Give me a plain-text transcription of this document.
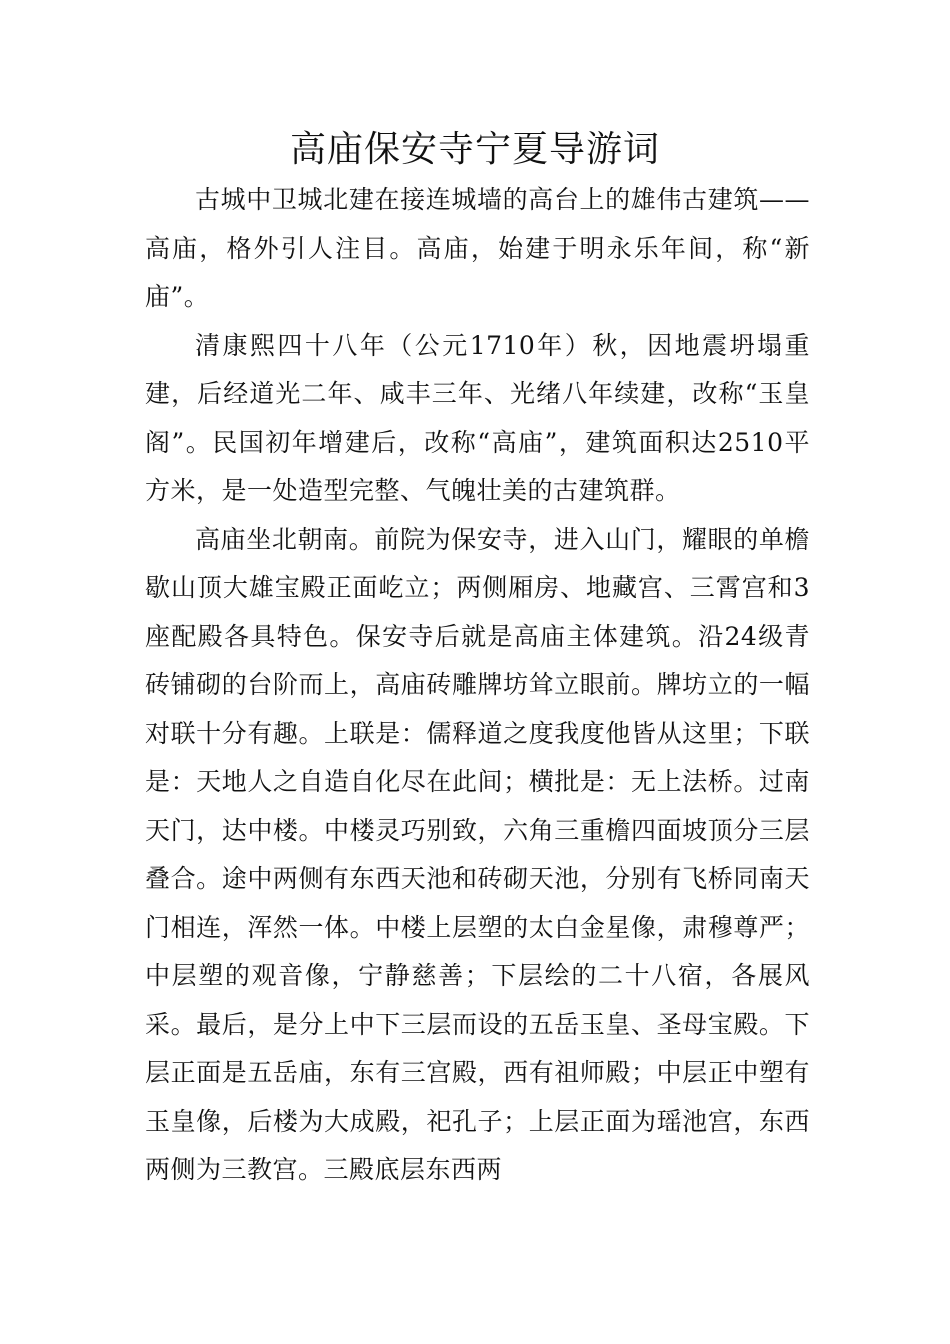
高庙保安寺宁夏导游词

古城中卫城北建在接连城墙的高台上的雄伟古建筑——高庙，格外引人注目。高庙，始建于明永乐年间，称“新庙”。

清康熙四十八年（公元1710年）秋，因地震坍塌重建，后经道光二年、咸丰三年、光绪八年续建，改称“玉皇阁”。民国初年增建后，改称“高庙”，建筑面积达2510平方米，是一处造型完整、气魄壮美的古建筑群。

高庙坐北朝南。前院为保安寺，进入山门，耀眼的单檐歇山顶大雄宝殿正面屹立；两侧厢房、地藏宫、三霄宫和3座配殿各具特色。保安寺后就是高庙主体建筑。沿24级青砖铺砌的台阶而上，高庙砖雕牌坊耸立眼前。牌坊立的一幅对联十分有趣。上联是：儒释道之度我度他皆从这里；下联是：天地人之自造自化尽在此间；横批是：无上法桥。过南天门，达中楼。中楼灵巧别致，六角三重檐四面坡顶分三层叠合。途中两侧有东西天池和砖砌天池，分别有飞桥同南天门相连，浑然一体。中楼上层塑的太白金星像，肃穆尊严；中层塑的观音像，宁静慈善；下层绘的二十八宿，各展风采。最后，是分上中下三层而设的五岳玉皇、圣母宝殿。下层正面是五岳庙，东有三宫殿，西有祖师殿；中层正中塑有玉皇像，后楼为大成殿，祀孔子；上层正面为瑶池宫，东西两侧为三教宫。三殿底层东西两
